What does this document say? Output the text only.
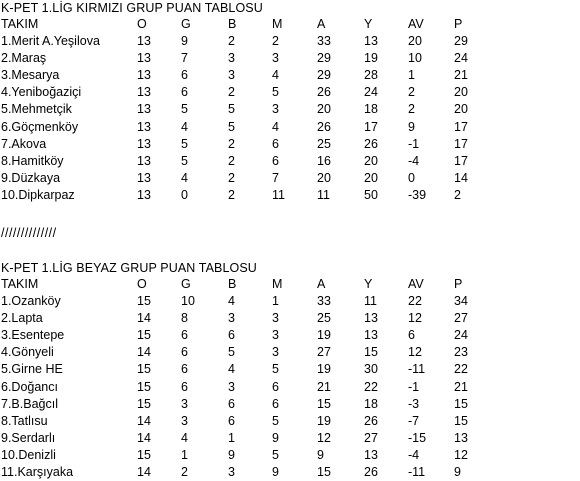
K-PET 1.LİG KIRMIZI GRUP PUAN TABLOSU
TAKIM	O	G	B	M	A	Y	AV P
1.Merit A.Yeşilova	13 9	2	2	33	13 20	29
2.Maraş	13 7	3	3	29	19 10	24
3.Mesarya	13 6	3	4	29	28 1	21
4.Yeniboğaziçi	13 6	2	5	26	24 2	20
5.Mehmetçik	13 5	5	3	20	18 2	20
6.Göçmenköy	13 4	5	4	26	17 9	17
7.Akova	13 5	2	6	25	26 -1	17
8.Hamitköy	13 5	2	6	16	20 -4	17
9.Düzkaya	13 4	2	7	20	20 0	14
10.Dipkarpaz	13 0	2	11	11	50 -39 2
//////////////
K-PET 1.LİG BEYAZ GRUP PUAN TABLOSU
TAKIM	O	G	B	M	A	Y	AV P
1.Ozanköy	15 10	4	1	33	11 22	34
2.Lapta	14 8	3	3	25	13 12	27
3.Esentepe	15 6	6	3	19	13 6	24
4.Gönyeli	14 6	5	3	27	15 12	23
5.Girne HE	15 6	4	5	19	30 -11 22
6.Doğancı	15 6	3	6	21	22 -1	21
7.B.Bağcıl	15 3	6	6	15	18 -3	15
8.Tatlısu	14 3	6	5	19	26 -7	15
9.Serdarlı	14 4	1	9	12	27 -15 13
10.Denizli	15 1	9	5	9	13 -4	12
11.Karşıyaka	14 2	3	9	15	26 -11 9
